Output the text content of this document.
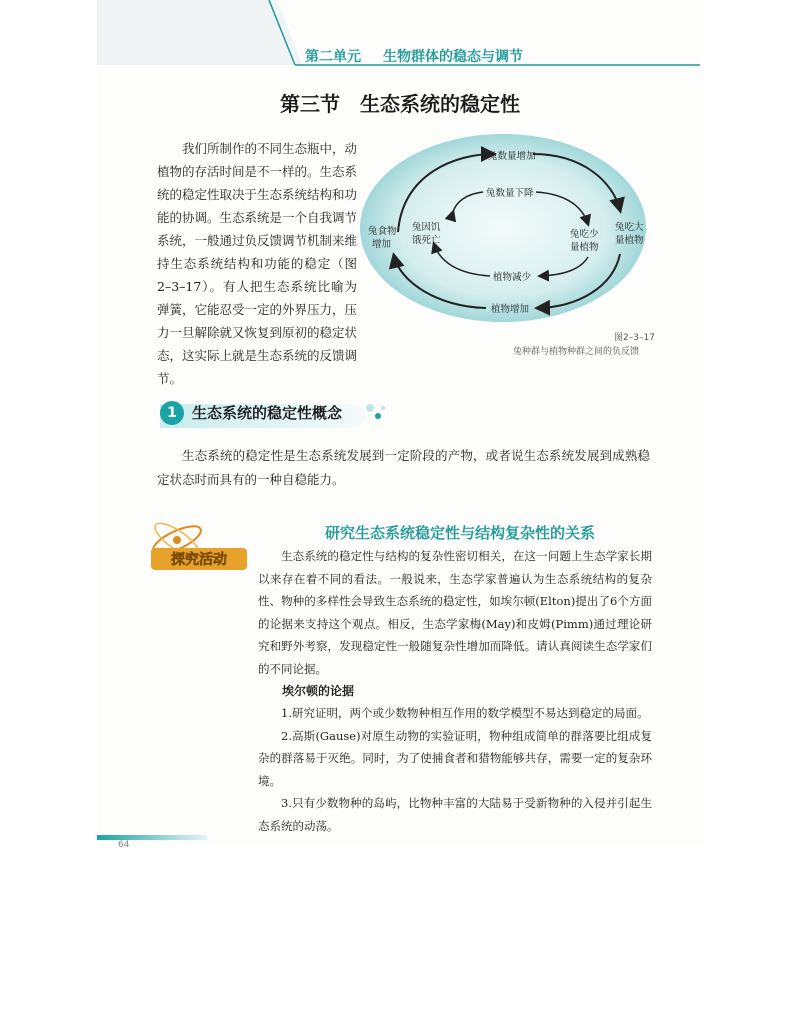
第二单元 生物群体的稳态与调节
第三节　生态系统的稳定性

我们所制作的不同生态瓶中，动植物的存活时间是不一样的。生态系统的稳定性取决于生态系统结构和功能的协调。生态系统是一个自我调节系统，一般通过负反馈调节机制来维持生态系统结构和功能的稳定（图2–3–17）。有人把生态系统比喻为弹簧，它能忍受一定的外界压力，压力一旦解除就又恢复到原初的稳定状态，这实际上就是生态系统的反馈调节。

兔数量增加
兔数量下降
兔食物
增加
兔因饥
饿死亡
兔吃少
量植物
兔吃大
量植物
植物减少
植物增加
图2–3–17
兔种群与植物种群之间的负反馈
1	生态系统的稳定性概念

生态系统的稳定性是生态系统发展到一定阶段的产物，或者说生态系统发展到成熟稳定状态时而具有的一种自稳能力。

探究活动
研究生态系统稳定性与结构复杂性的关系

生态系统的稳定性与结构的复杂性密切相关，在这一问题上生态学家长期以来存在着不同的看法。一般说来，生态学家普遍认为生态系统结构的复杂性、物种的多样性会导致生态系统的稳定性，如埃尔顿(Elton)提出了6个方面的论据来支持这个观点。相反，生态学家梅(May)和皮姆(Pimm)通过理论研究和野外考察，发现稳定性一般随复杂性增加而降低。请认真阅读生态学家们的不同论据。

埃尔顿的论据

1.研究证明，两个或少数物种相互作用的数学模型不易达到稳定的局面。

2.高斯(Gause)对原生动物的实验证明，物种组成简单的群落要比组成复杂的群落易于灭绝。同时，为了使捕食者和猎物能够共存，需要一定的复杂环境。

3.只有少数物种的岛屿，比物种丰富的大陆易于受新物种的入侵并引起生态系统的动荡。

64
